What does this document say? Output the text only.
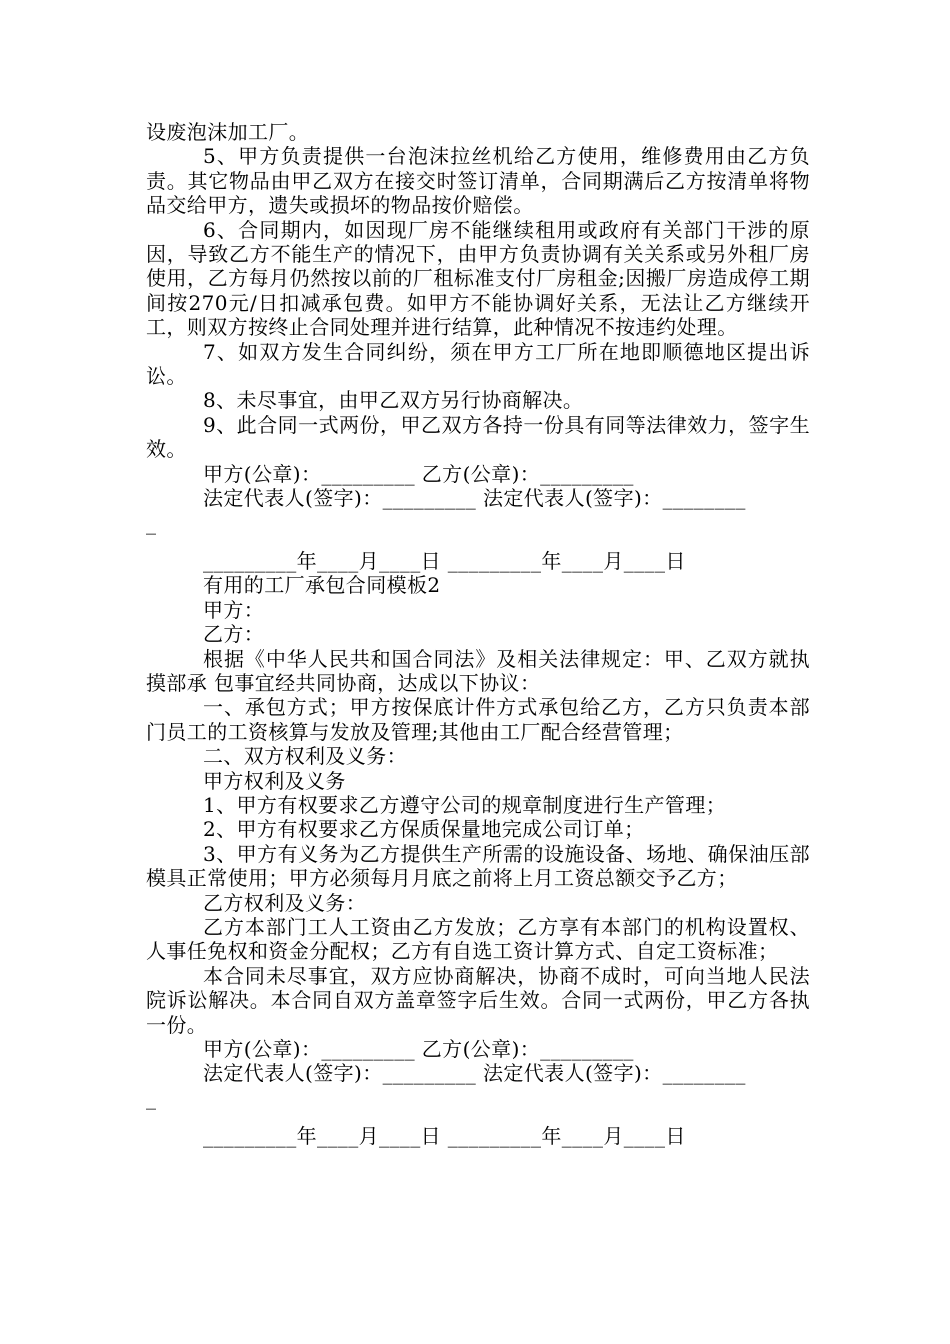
设废泡沫加工厂。

5、甲方负责提供一台泡沫拉丝机给乙方使用，维修费用由乙方负责。其它物品由甲乙双方在接交时签订清单，合同期满后乙方按清单将物品交给甲方，遗失或损坏的物品按价赔偿。

6、合同期内，如因现厂房不能继续租用或政府有关部门干涉的原因，导致乙方不能生产的情况下，由甲方负责协调有关关系或另外租厂房使用，乙方每月仍然按以前的厂租标准支付厂房租金;因搬厂房造成停工期间按270元/日扣减承包费。如甲方不能协调好关系，无法让乙方继续开工，则双方按终止合同处理并进行结算，此种情况不按违约处理。

7、如双方发生合同纠纷，须在甲方工厂所在地即顺德地区提出诉讼。

8、未尽事宜，由甲乙双方另行协商解决。

9、此合同一式两份，甲乙双方各持一份具有同等法律效力，签字生效。

甲方(公章)：_________ 乙方(公章)：_________

法定代表人(签字)：_________ 法定代表人(签字)：________

_

_________年____月____日 _________年____月____日

有用的工厂承包合同模板2

甲方：

乙方：

根据《中华人民共和国合同法》及相关法律规定：甲、乙双方就执摸部承 包事宜经共同协商，达成以下协议：

一、承包方式；甲方按保底计件方式承包给乙方，乙方只负责本部门员工的工资核算与发放及管理;其他由工厂配合经营管理；

二、双方权利及义务：

甲方权利及义务

1、甲方有权要求乙方遵守公司的规章制度进行生产管理；

2、甲方有权要求乙方保质保量地完成公司订单；

3、甲方有义务为乙方提供生产所需的设施设备、场地、确保油压部模具正常使用；甲方必须每月月底之前将上月工资总额交予乙方；

乙方权利及义务：

乙方本部门工人工资由乙方发放；乙方享有本部门的机构设置权、人事任免权和资金分配权；乙方有自选工资计算方式、自定工资标准；

本合同未尽事宜，双方应协商解决，协商不成时，可向当地人民法院诉讼解决。本合同自双方盖章签字后生效。合同一式两份，甲乙方各执一份。

甲方(公章)：_________ 乙方(公章)：_________

法定代表人(签字)：_________ 法定代表人(签字)：________

_

_________年____月____日 _________年____月____日
